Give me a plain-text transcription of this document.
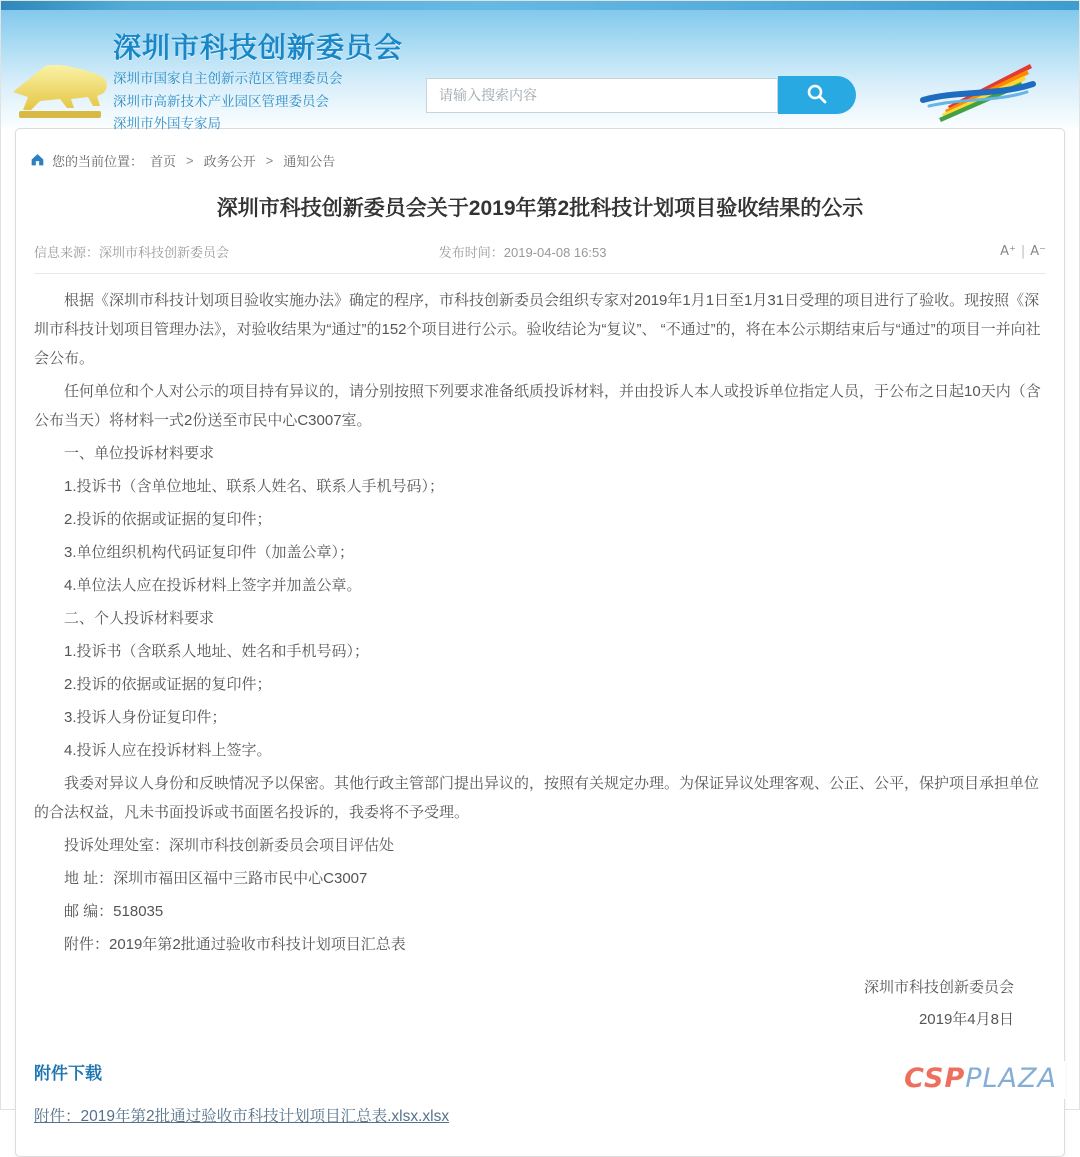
深圳市科技创新委员会
深圳市国家自主创新示范区管理委员会
深圳市高新技术产业园区管理委员会
深圳市外国专家局
请输入搜索内容
您的当前位置： 首页 > 政务公开 > 通知公告
深圳市科技创新委员会关于2019年第2批科技计划项目验收结果的公示
信息来源：深圳市科技创新委员会	发布时间：2019-04-08 16:53	A⁺ | A⁻

根据《深圳市科技计划项目验收实施办法》确定的程序，市科技创新委员会组织专家对2019年1月1日至1月31日受理的项目进行了验收。现按照《深圳市科技计划项目管理办法》，对验收结果为“通过”的152个项目进行公示。验收结论为“复议”、 “不通过”的，将在本公示期结束后与“通过”的项目一并向社会公布。

任何单位和个人对公示的项目持有异议的，请分别按照下列要求准备纸质投诉材料，并由投诉人本人或投诉单位指定人员，于公布之日起10天内（含公布当天）将材料一式2份送至市民中心C3007室。

一、单位投诉材料要求

1.投诉书（含单位地址、联系人姓名、联系人手机号码）；

2.投诉的依据或证据的复印件；

3.单位组织机构代码证复印件（加盖公章）；

4.单位法人应在投诉材料上签字并加盖公章。

二、个人投诉材料要求

1.投诉书（含联系人地址、姓名和手机号码）；

2.投诉的依据或证据的复印件；

3.投诉人身份证复印件；

4.投诉人应在投诉材料上签字。

我委对异议人身份和反映情况予以保密。其他行政主管部门提出异议的，按照有关规定办理。为保证异议处理客观、公正、公平，保护项目承担单位的合法权益，凡未书面投诉或书面匿名投诉的，我委将不予受理。

投诉处理处室：深圳市科技创新委员会项目评估处

地 址：深圳市福田区福中三路市民中心C3007

邮 编：518035

附件：2019年第2批通过验收市科技计划项目汇总表

深圳市科技创新委员会
2019年4月8日
附件下载
附件：2019年第2批通过验收市科技计划项目汇总表.xlsx.xlsx
CSPPLAZA
